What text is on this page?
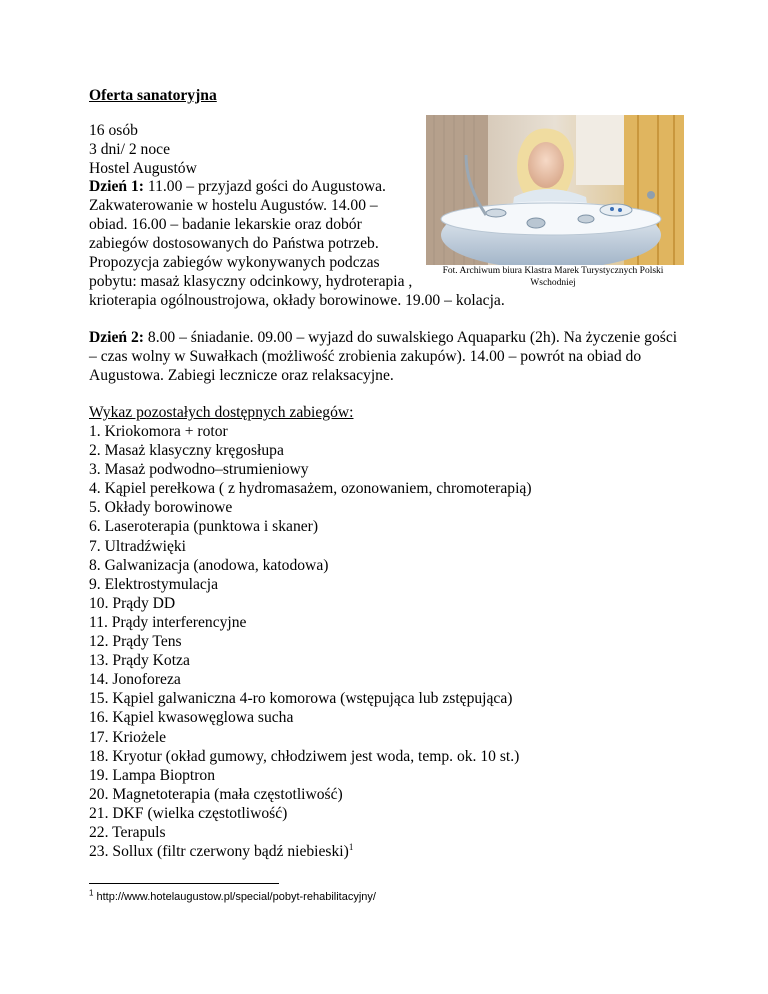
Oferta sanatoryjna
16 osób
3 dni/ 2 noce
Hostel Augustów
Dzień 1: 11.00 – przyjazd gości do Augustowa.
Zakwaterowanie w hostelu Augustów. 14.00 –
obiad. 16.00 – badanie lekarskie oraz dobór
zabiegów dostosowanych do Państwa potrzeb.
Propozycja zabiegów wykonywanych podczas
pobytu: masaż klasyczny odcinkowy, hydroterapia ,
krioterapia ogólnoustrojowa, okłady borowinowe. 19.00 – kolacja.
Fot. Archiwum biura Klastra Marek Turystycznych Polski Wschodniej
Dzień 2: 8.00 – śniadanie. 09.00 – wyjazd do suwalskiego Aquaparku (2h). Na życzenie gości
– czas wolny w Suwałkach (możliwość zrobienia zakupów). 14.00 – powrót na obiad do
Augustowa. Zabiegi lecznicze oraz relaksacyjne.
Wykaz pozostałych dostępnych zabiegów:
1. Kriokomora + rotor
2. Masaż klasyczny kręgosłupa
3. Masaż podwodno–strumieniowy
4. Kąpiel perełkowa ( z hydromasażem, ozonowaniem, chromoterapią)
5. Okłady borowinowe
6. Laseroterapia (punktowa i skaner)
7. Ultradźwięki
8. Galwanizacja (anodowa, katodowa)
9. Elektrostymulacja
10. Prądy DD
11. Prądy interferencyjne
12. Prądy Tens
13. Prądy Kotza
14. Jonoforeza
15. Kąpiel galwaniczna 4-ro komorowa (wstępująca lub zstępująca)
16. Kąpiel kwasowęglowa sucha
17. Kriożele
18. Kryotur (okład gumowy, chłodziwem jest woda, temp. ok. 10 st.)
19. Lampa Bioptron
20. Magnetoterapia (mała częstotliwość)
21. DKF (wielka częstotliwość)
22. Terapuls
23. Sollux (filtr czerwony bądź niebieski)$^1$
$^1$ http://www.hotelaugustow.pl/special/pobyt-rehabilitacyjny/
